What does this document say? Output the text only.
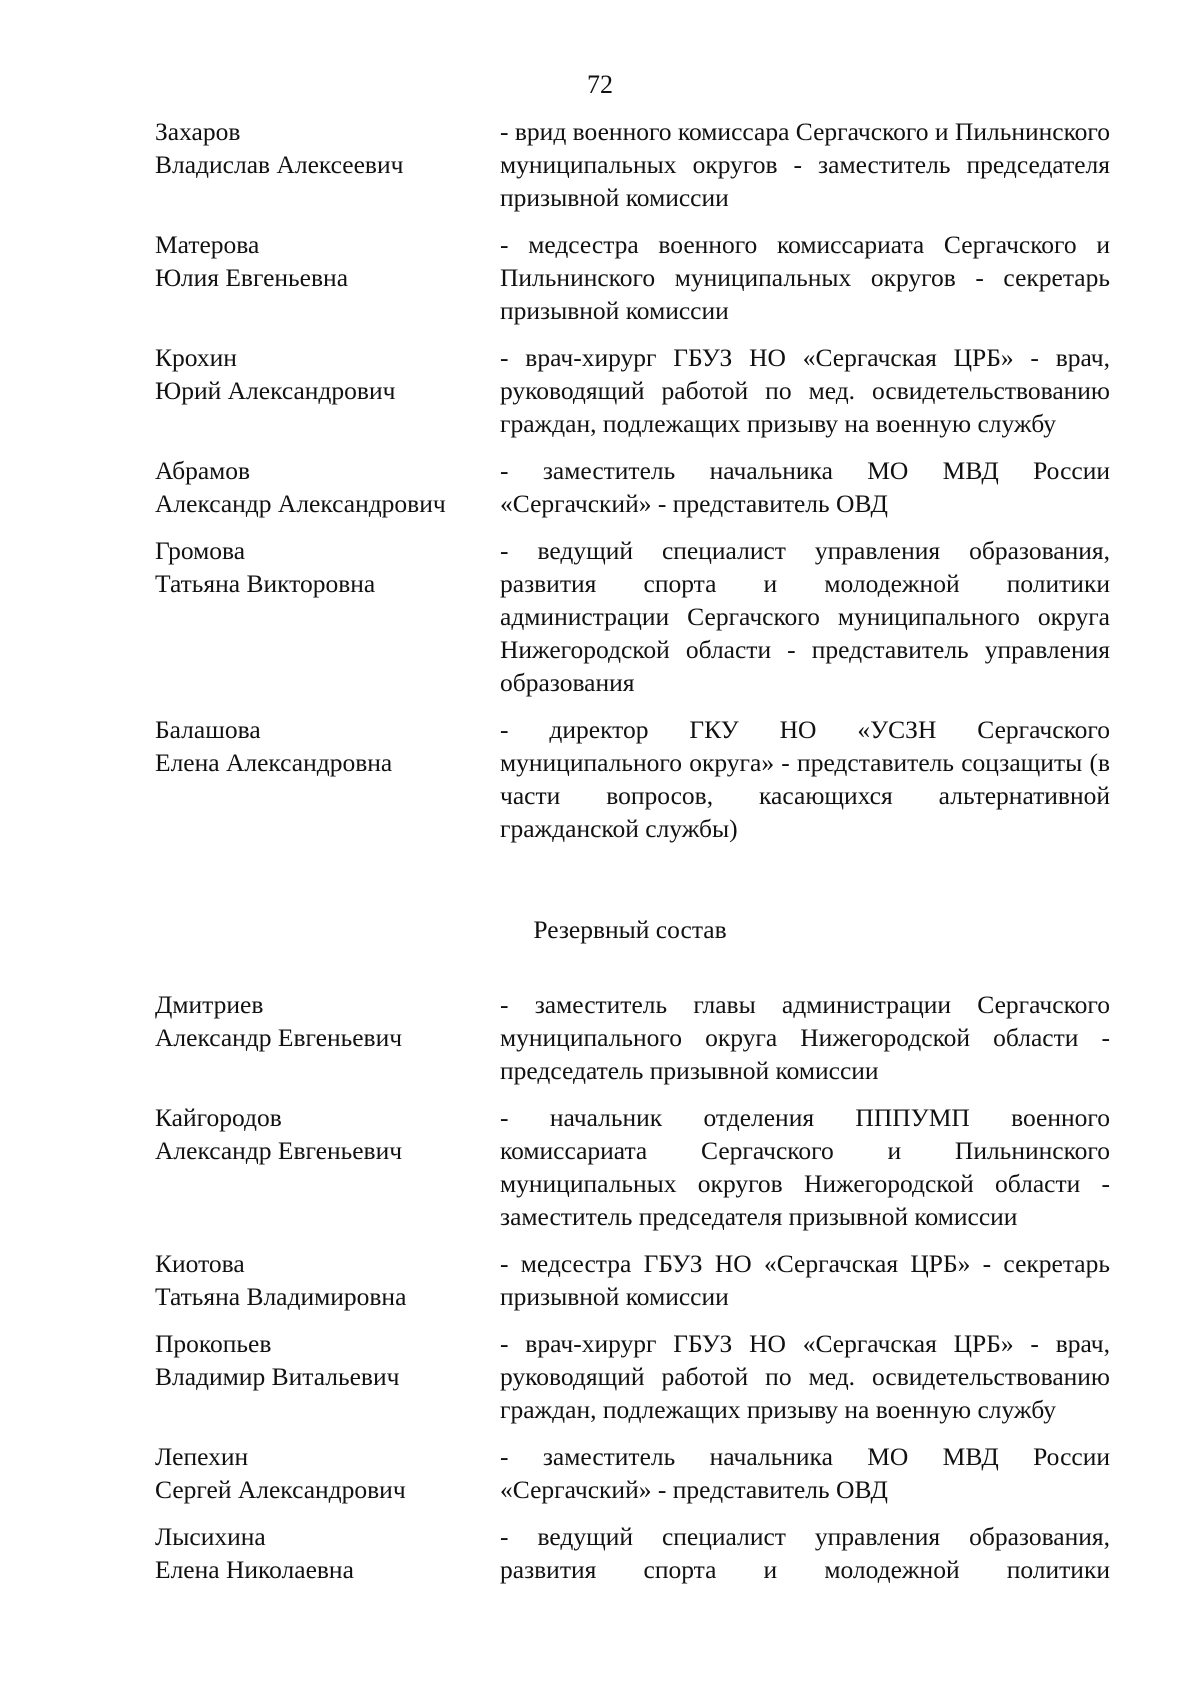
72
Захаров
Владислав Алексеевич
- врид военного комиссара Сергачского и Пильнинского муниципальных округов - заместитель председателя призывной комиссии
Матерова
Юлия Евгеньевна
- медсестра военного комиссариата Сергачского и Пильнинского муниципальных округов - секретарь призывной комиссии
Крохин
Юрий Александрович
- врач-хирург ГБУЗ НО «Сергачская ЦРБ» - врач, руководящий работой по мед. освидетельствованию граждан, подлежащих призыву на военную службу
Абрамов
Александр Александрович
- заместитель начальника МО МВД России «Сергачский» - представитель ОВД
Громова
Татьяна Викторовна
- ведущий специалист управления образования, развития спорта и молодежной политики администрации Сергачского муниципального округа Нижегородской области - представитель управления образования
Балашова
Елена Александровна
- директор ГКУ НО «УСЗН Сергачского муниципального округа» - представитель соцзащиты (в части вопросов, касающихся альтернативной гражданской службы)
Резервный состав
Дмитриев
Александр Евгеньевич
- заместитель главы администрации Сергачского муниципального округа Нижегородской области - председатель призывной комиссии
Кайгородов
Александр Евгеньевич
- начальник отделения ПППУМП военного комиссариата Сергачского и Пильнинского муниципальных округов Нижегородской области - заместитель председателя призывной комиссии
Киотова
Татьяна Владимировна
- медсестра ГБУЗ НО «Сергачская ЦРБ» - секретарь призывной комиссии
Прокопьев
Владимир Витальевич
- врач-хирург ГБУЗ НО «Сергачская ЦРБ» - врач, руководящий работой по мед. освидетельствованию граждан, подлежащих призыву на военную службу
Лепехин
Сергей Александрович
- заместитель начальника МО МВД России «Сергачский» - представитель ОВД
Лысихина
Елена Николаевна
- ведущий специалист управления образования, развития спорта и молодежной политики
